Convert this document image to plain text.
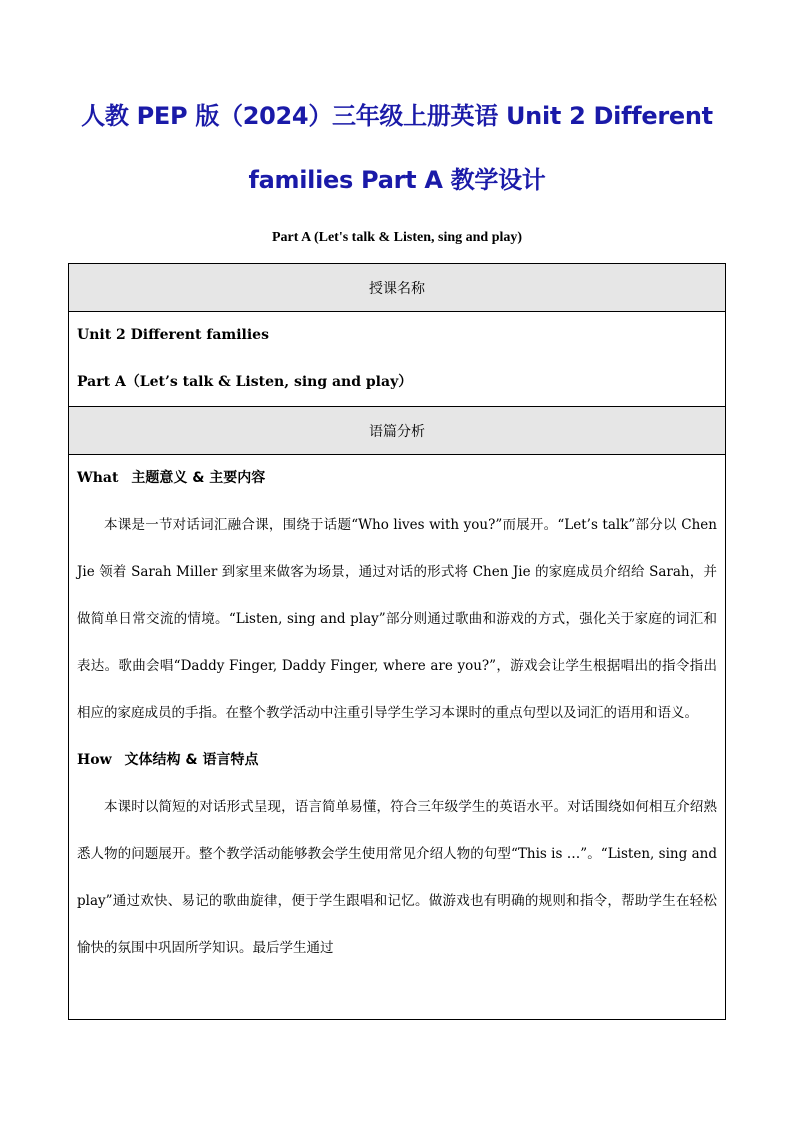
人教 PEP 版（2024）三年级上册英语 Unit 2 Different families Part A 教学设计
Part A (Let's talk & Listen, sing and play)
授课名称

Unit 2 Different families
Part A（Let’s talk & Listen, sing and play）

语篇分析

What 主题意义 & 主要内容
本课是一节对话词汇融合课，围绕于话题“Who lives with you?”而展开。“Let’s talk”部分以 Chen Jie 领着 Sarah Miller 到家里来做客为场景，通过对话的形式将 Chen Jie 的家庭成员介绍给 Sarah，并做简单日常交流的情境。“Listen, sing and play”部分则通过歌曲和游戏的方式，强化关于家庭的词汇和表达。歌曲会唱“Daddy Finger, Daddy Finger, where are you?”，游戏会让学生根据唱出的指令指出相应的家庭成员的手指。在整个教学活动中注重引导学生学习本课时的重点句型以及词汇的语用和语义。
How 文体结构 & 语言特点
本课时以简短的对话形式呈现，语言简单易懂，符合三年级学生的英语水平。对话围绕如何相互介绍熟悉人物的问题展开。整个教学活动能够教会学生使用常见介绍人物的句型“This is …”。“Listen, sing and play”通过欢快、易记的歌曲旋律，便于学生跟唱和记忆。做游戏也有明确的规则和指令，帮助学生在轻松愉快的氛围中巩固所学知识。最后学生通过
